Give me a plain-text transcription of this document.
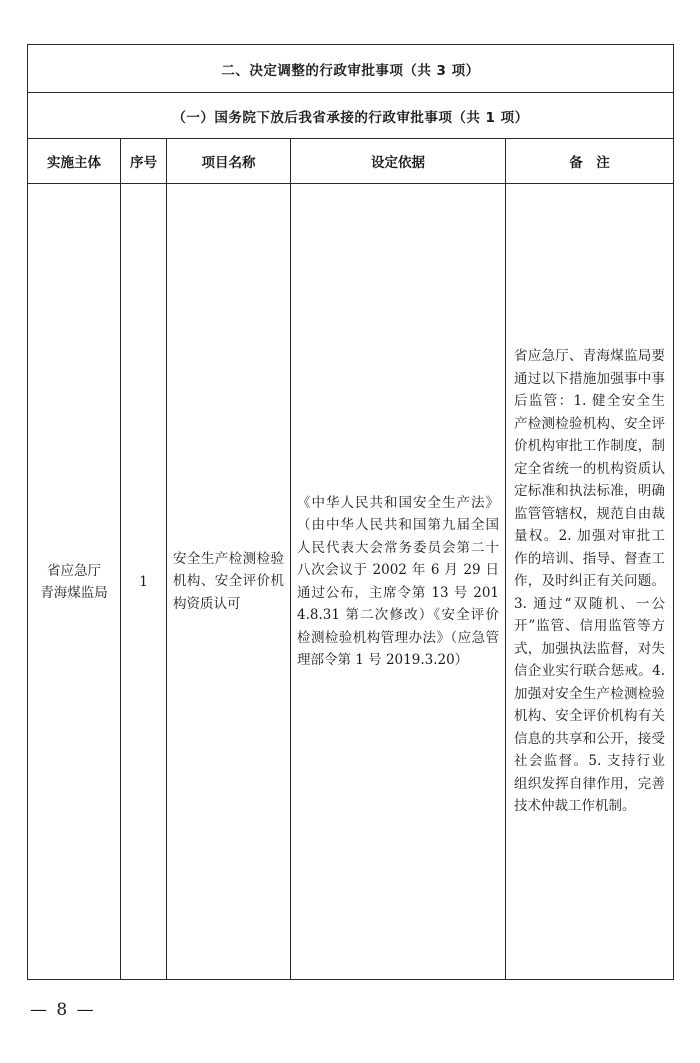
二、决定调整的行政审批事项（共 3 项）				
（一）国务院下放后我省承接的行政审批事项（共 1 项）				
实施主体	序号	项目名称	设定依据	备　注

省应急厅
青海煤监局	1	安全生产检测检验机构、安全评价机构资质认可	《中华人民共和国安全生产法》（由中华人民共和国第九届全国人民代表大会常务委员会第二十八次会议于 2002 年 6 月 29 日通过公布，主席令第 13 号 2014.8.31 第二次修改）《安全评价检测检验机构管理办法》（应急管理部令第 1 号 2019.3.20）	省应急厅、青海煤监局要通过以下措施加强事中事后监管：1. 健全安全生产检测检验机构、安全评价机构审批工作制度，制定全省统一的机构资质认定标准和执法标准，明确监管管辖权，规范自由裁量权。2. 加强对审批工作的培训、指导、督查工作，及时纠正有关问题。3. 通过“双随机、一公开”监管、信用监管等方式，加强执法监督，对失信企业实行联合惩戒。4. 加强对安全生产检测检验机构、安全评价机构有关信息的共享和公开，接受社会监督。5. 支持行业组织发挥自律作用，完善技术仲裁工作机制。
— 8 —
